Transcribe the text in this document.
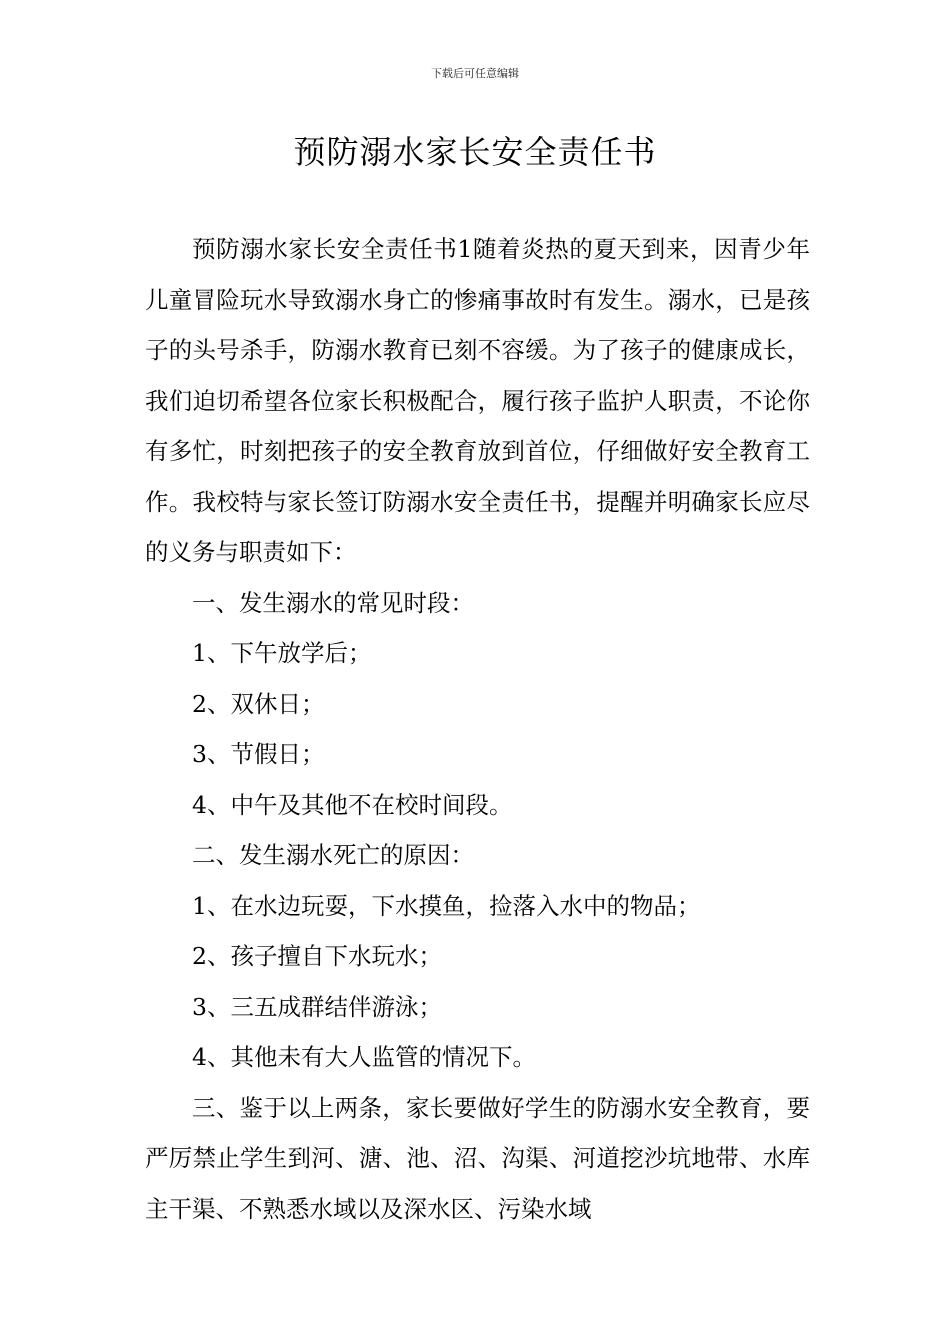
下载后可任意编辑
预防溺水家长安全责任书

预防溺水家长安全责任书1随着炎热的夏天到来，因青少年儿童冒险玩水导致溺水身亡的惨痛事故时有发生。溺水，已是孩子的头号杀手，防溺水教育已刻不容缓。为了孩子的健康成长，我们迫切希望各位家长积极配合，履行孩子监护人职责，不论你有多忙，时刻把孩子的安全教育放到首位，仔细做好安全教育工作。我校特与家长签订防溺水安全责任书，提醒并明确家长应尽的义务与职责如下：

一、发生溺水的常见时段：

1、下午放学后；

2、双休日；

3、节假日；

4、中午及其他不在校时间段。

二、发生溺水死亡的原因：

1、在水边玩耍，下水摸鱼，捡落入水中的物品；

2、孩子擅自下水玩水；

3、三五成群结伴游泳；

4、其他未有大人监管的情况下。

三、鉴于以上两条，家长要做好学生的防溺水安全教育，要严厉禁止学生到河、溏、池、沼、沟渠、河道挖沙坑地带、水库主干渠、不熟悉水域以及深水区、污染水域
